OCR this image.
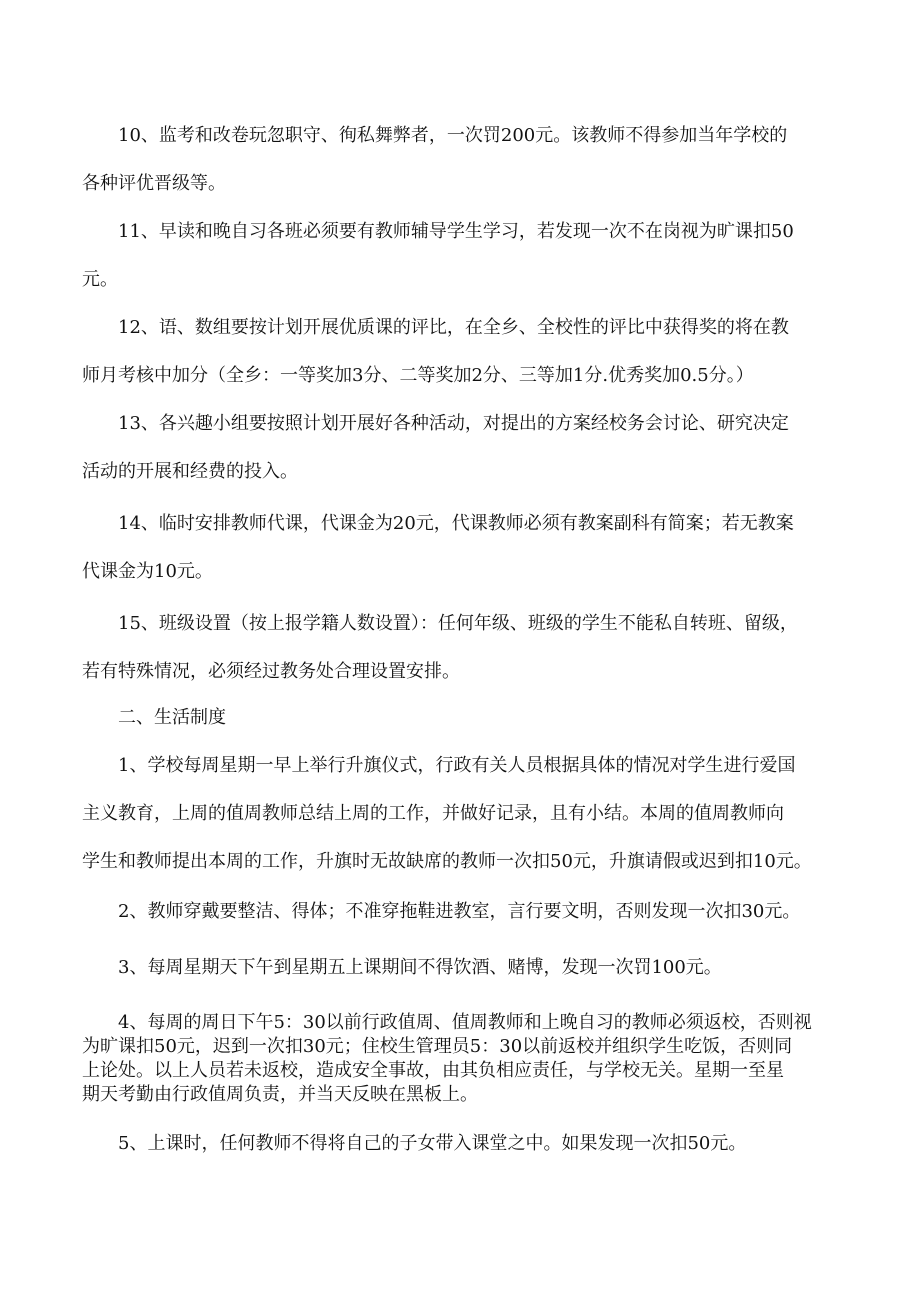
10、监考和改卷玩忽职守、徇私舞弊者，一次罚200元。该教师不得参加当年学校的
各种评优晋级等。
11、早读和晚自习各班必须要有教师辅导学生学习，若发现一次不在岗视为旷课扣50
元。
12、语、数组要按计划开展优质课的评比，在全乡、全校性的评比中获得奖的将在教
师月考核中加分（全乡：一等奖加3分、二等奖加2分、三等加1分.优秀奖加0.5分。）
13、各兴趣小组要按照计划开展好各种活动，对提出的方案经校务会讨论、研究决定
活动的开展和经费的投入。
14、临时安排教师代课，代课金为20元，代课教师必须有教案副科有简案；若无教案
代课金为10元。
15、班级设置（按上报学籍人数设置）：任何年级、班级的学生不能私自转班、留级，
若有特殊情况，必须经过教务处合理设置安排。
二、生活制度
1、学校每周星期一早上举行升旗仪式，行政有关人员根据具体的情况对学生进行爱国
主义教育，上周的值周教师总结上周的工作，并做好记录，且有小结。本周的值周教师向
学生和教师提出本周的工作，升旗时无故缺席的教师一次扣50元，升旗请假或迟到扣10元。
2、教师穿戴要整洁、得体；不准穿拖鞋进教室，言行要文明，否则发现一次扣30元。
3、每周星期天下午到星期五上课期间不得饮酒、赌博，发现一次罚100元。
4、每周的周日下午5：30以前行政值周、值周教师和上晚自习的教师必须返校，否则视
为旷课扣50元，迟到一次扣30元；住校生管理员5：30以前返校并组织学生吃饭，否则同
上论处。以上人员若未返校，造成安全事故，由其负相应责任，与学校无关。星期一至星
期天考勤由行政值周负责，并当天反映在黑板上。
5、上课时，任何教师不得将自己的子女带入课堂之中。如果发现一次扣50元。
